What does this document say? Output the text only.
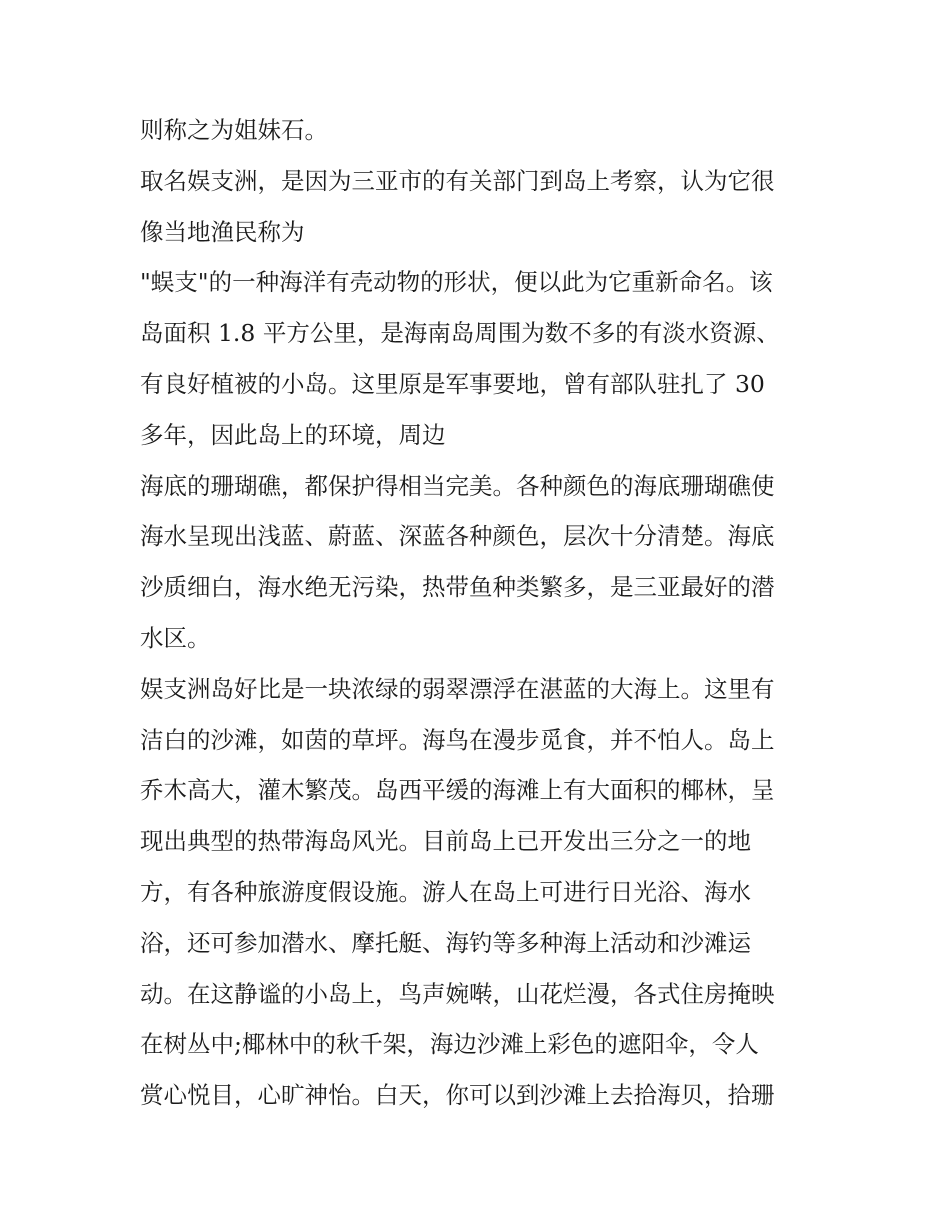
则称之为姐妹石。
取名娱支洲，是因为三亚市的有关部门到岛上考察，认为它很
像当地渔民称为
"蜈支"的一种海洋有壳动物的形状，便以此为它重新命名。该
岛面积 1.8 平方公里，是海南岛周围为数不多的有淡水资源、
有良好植被的小岛。这里原是军事要地，曾有部队驻扎了 30
多年，因此岛上的环境，周边
海底的珊瑚礁，都保护得相当完美。各种颜色的海底珊瑚礁使
海水呈现出浅蓝、蔚蓝、深蓝各种颜色，层次十分清楚。海底
沙质细白，海水绝无污染，热带鱼种类繁多，是三亚最好的潜
水区。
娱支洲岛好比是一块浓绿的弱翠漂浮在湛蓝的大海上。这里有
洁白的沙滩，如茵的草坪。海鸟在漫步觅食，并不怕人。岛上
乔木高大，灌木繁茂。岛西平缓的海滩上有大面积的椰林，呈
现出典型的热带海岛风光。目前岛上已开发出三分之一的地
方，有各种旅游度假设施。游人在岛上可进行日光浴、海水
浴，还可参加潜水、摩托艇、海钓等多种海上活动和沙滩运
动。在这静谧的小岛上，鸟声婉啭，山花烂漫，各式住房掩映
在树丛中;椰林中的秋千架，海边沙滩上彩色的遮阳伞，令人
赏心悦目，心旷神怡。白天，你可以到沙滩上去拾海贝，拾珊
